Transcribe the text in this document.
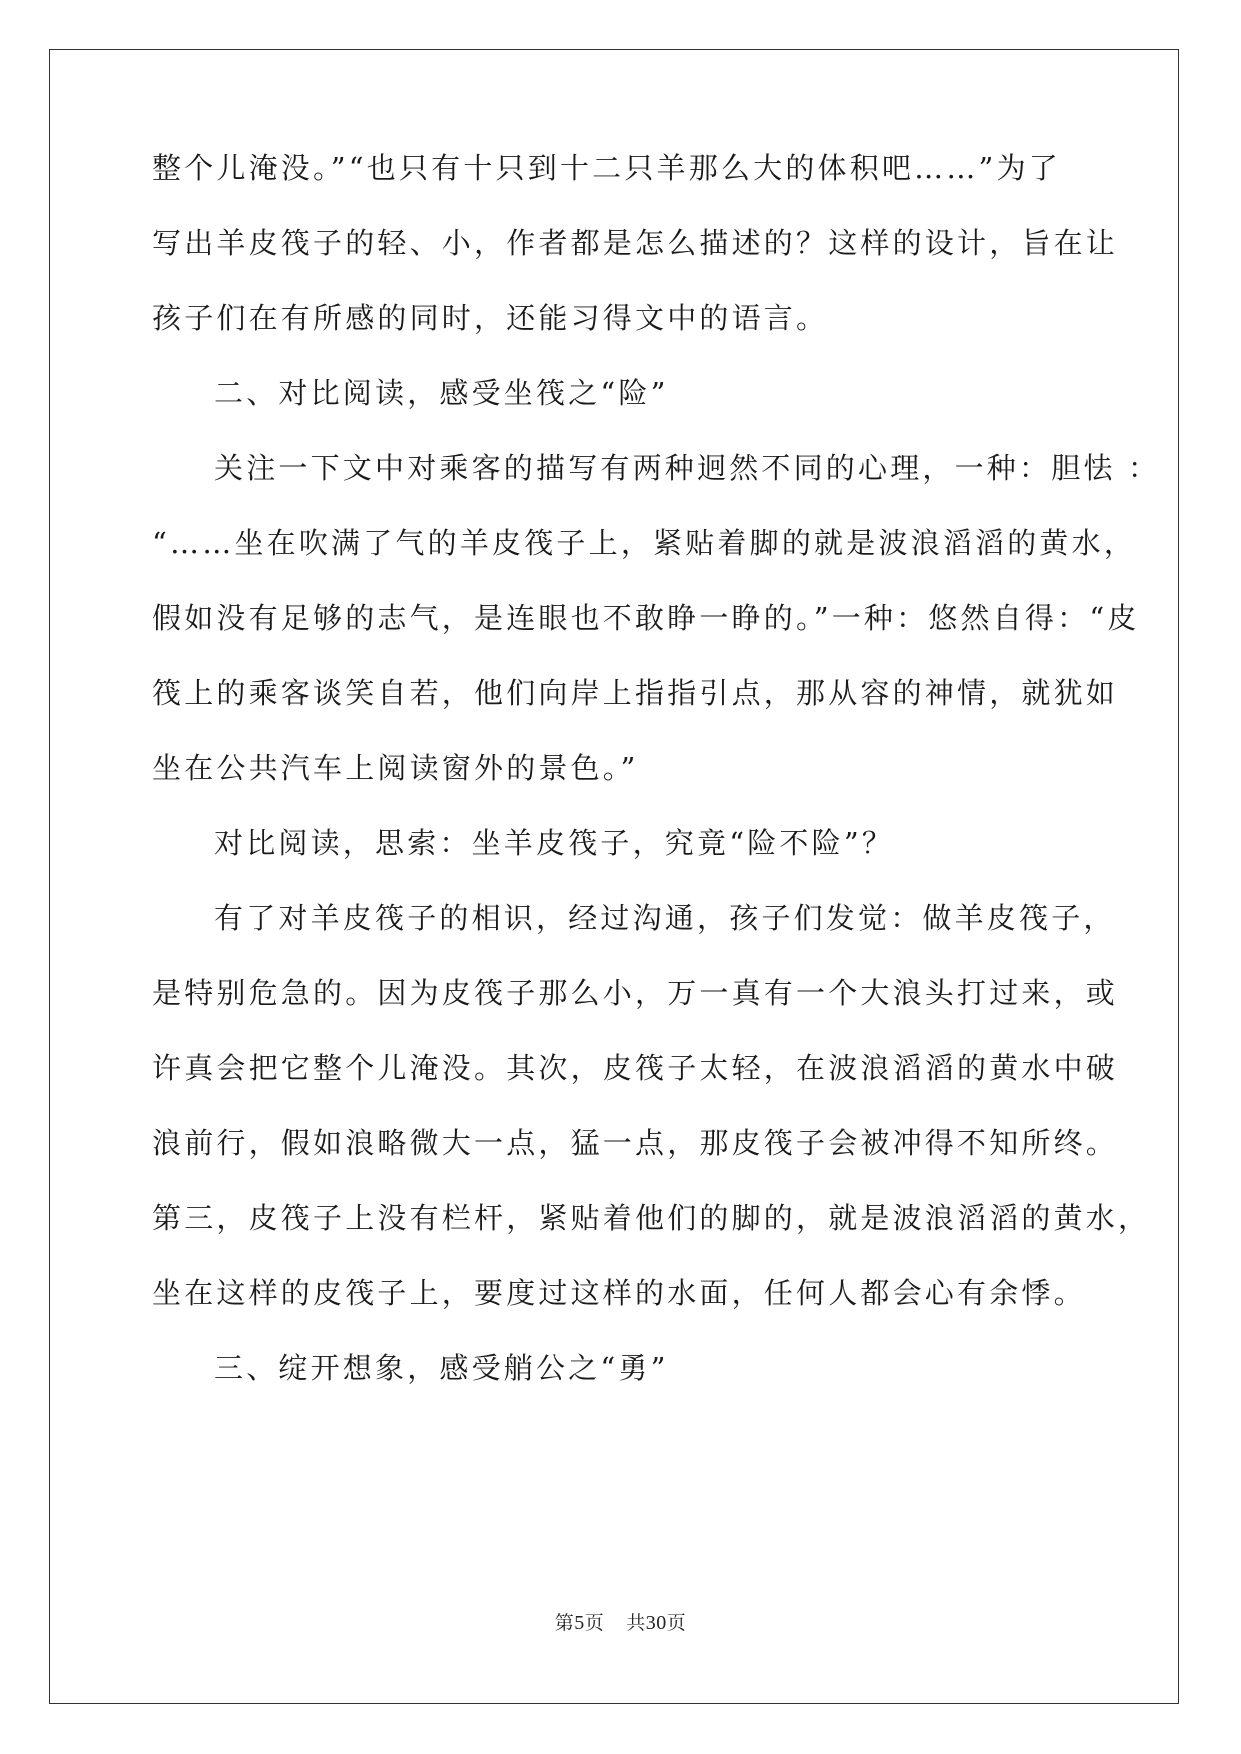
整个儿淹没。”“也只有十只到十二只羊那么大的体积吧……”为了
写出羊皮筏子的轻、小，作者都是怎么描述的？这样的设计，旨在让
孩子们在有所感的同时，还能习得文中的语言。
二、对比阅读，感受坐筏之“险”
关注一下文中对乘客的描写有两种迥然不同的心理，一种：胆怯 ：
“……坐在吹满了气的羊皮筏子上，紧贴着脚的就是波浪滔滔的黄水，
假如没有足够的志气，是连眼也不敢睁一睁的。”一种：悠然自得：“皮
筏上的乘客谈笑自若，他们向岸上指指引点，那从容的神情，就犹如
坐在公共汽车上阅读窗外的景色。”
对比阅读，思索：坐羊皮筏子，究竟“险不险”？
有了对羊皮筏子的相识，经过沟通，孩子们发觉：做羊皮筏子，
是特别危急的。因为皮筏子那么小，万一真有一个大浪头打过来，或
许真会把它整个儿淹没。其次，皮筏子太轻，在波浪滔滔的黄水中破
浪前行，假如浪略微大一点，猛一点，那皮筏子会被冲得不知所终。
第三，皮筏子上没有栏杆，紧贴着他们的脚的，就是波浪滔滔的黄水，
坐在这样的皮筏子上，要度过这样的水面，任何人都会心有余悸。
三、绽开想象，感受艄公之“勇”
第5页 共30页
